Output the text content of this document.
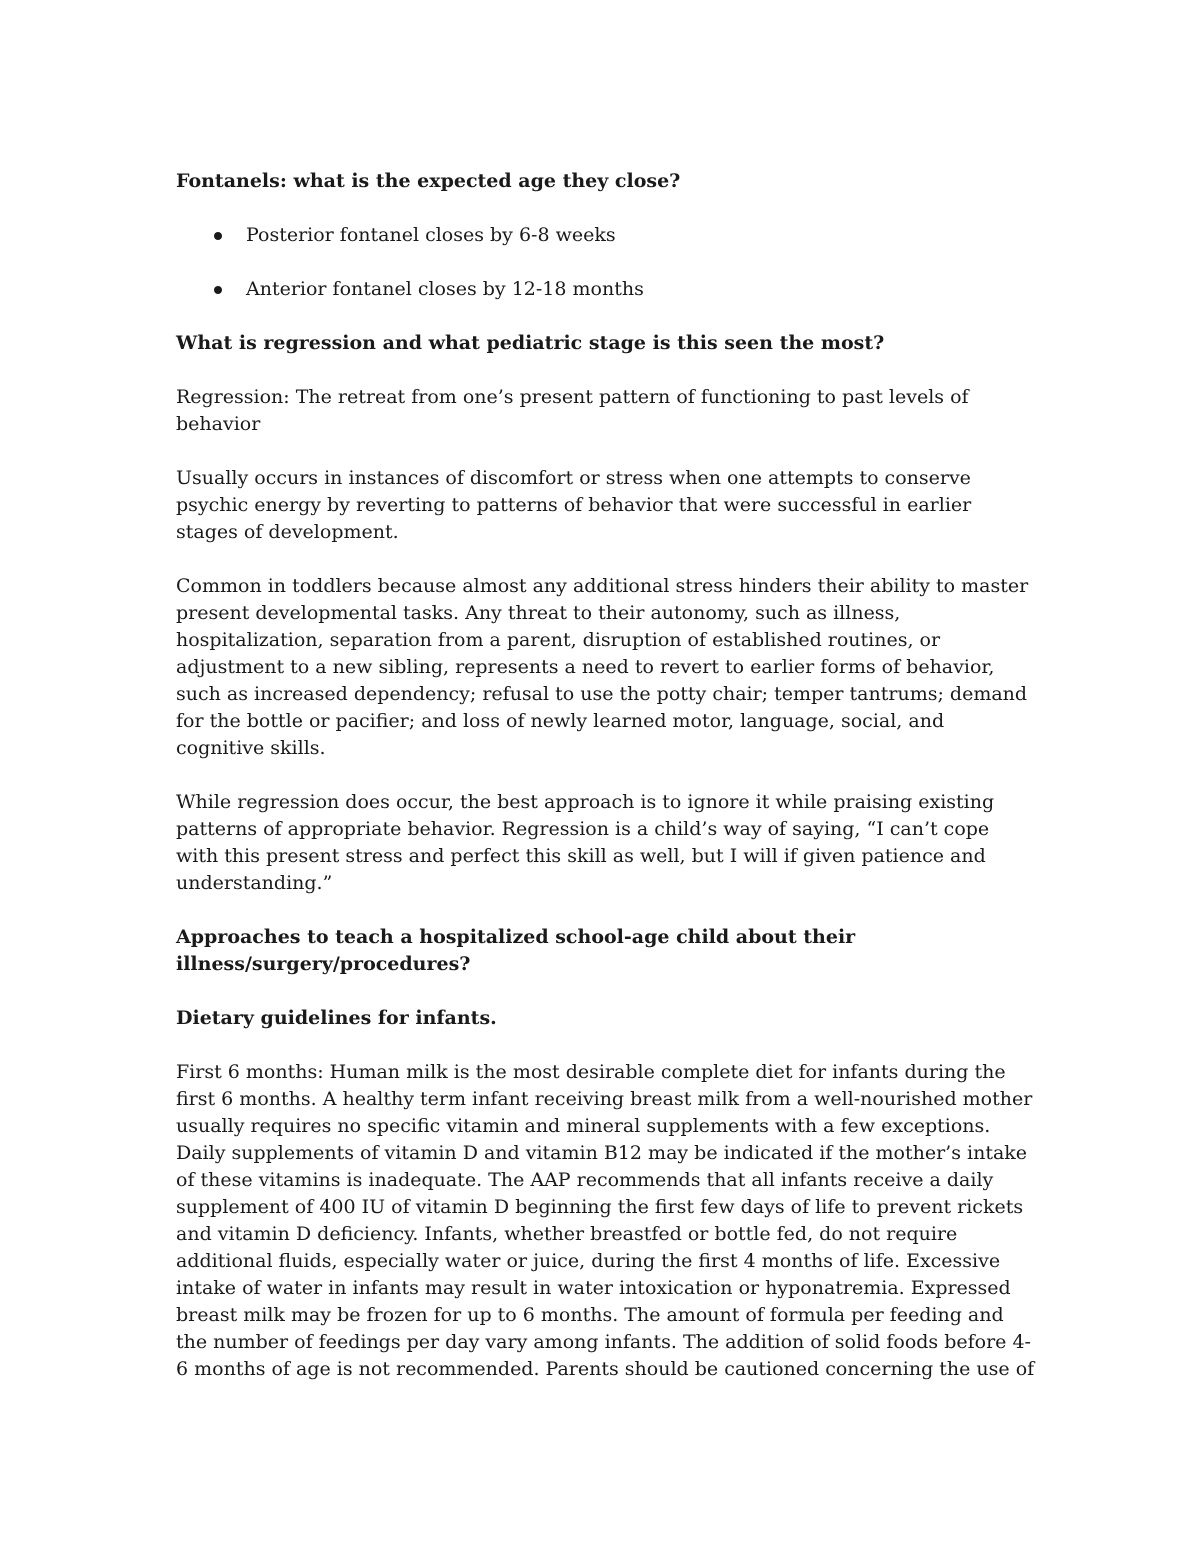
Fontanels: what is the expected age they close?

Posterior fontanel closes by 6-8 weeks
Anterior fontanel closes by 12-18 months

What is regression and what pediatric stage is this seen the most?

Regression: The retreat from one’s present pattern of functioning to past levels of behavior

Usually occurs in instances of discomfort or stress when one attempts to conserve psychic energy by reverting to patterns of behavior that were successful in earlier stages of development.

Common in toddlers because almost any additional stress hinders their ability to master present developmental tasks. Any threat to their autonomy, such as illness, hospitalization, separation from a parent, disruption of established routines, or adjustment to a new sibling, represents a need to revert to earlier forms of behavior, such as increased dependency; refusal to use the potty chair; temper tantrums; demand for the bottle or pacifier; and loss of newly learned motor, language, social, and cognitive skills.

While regression does occur, the best approach is to ignore it while praising existing patterns of appropriate behavior. Regression is a child’s way of saying, “I can’t cope with this present stress and perfect this skill as well, but I will if given patience and understanding.”

Approaches to teach a hospitalized school-age child about their illness/surgery/procedures?

Dietary guidelines for infants.

First 6 months: Human milk is the most desirable complete diet for infants during the first 6 months. A healthy term infant receiving breast milk from a well-nourished mother usually requires no specific vitamin and mineral supplements with a few exceptions. Daily supplements of vitamin D and vitamin B12 may be indicated if the mother’s intake of these vitamins is inadequate. The AAP recommends that all infants receive a daily supplement of 400 IU of vitamin D beginning the first few days of life to prevent rickets and vitamin D deficiency. Infants, whether breastfed or bottle fed, do not require additional fluids, especially water or juice, during the first 4 months of life. Excessive intake of water in infants may result in water intoxication or hyponatremia. Expressed breast milk may be frozen for up to 6 months. The amount of formula per feeding and the number of feedings per day vary among infants. The addition of solid foods before 4-6 months of age is not recommended. Parents should be cautioned concerning the use of
